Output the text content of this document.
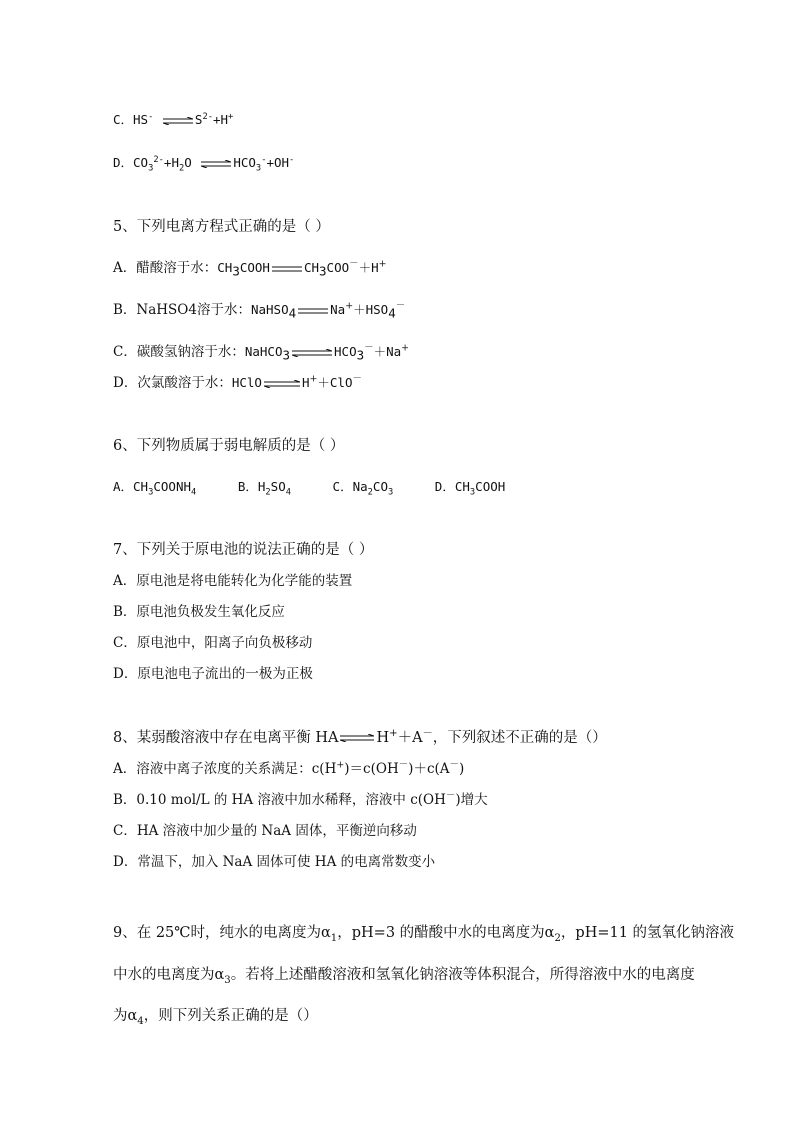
C．HS- ⇌ $S^{2-}+H^+$
D．$CO_3^{2-}+H_2O$ ⇌ $HCO_3^-+OH^-$
5、下列电离方程式正确的是（ ）
A．醋酸溶于水：$CH_3COOH$	$CH_3COO^-+H^+$
B．NaHSO4溶于水：NaHSO$_4$	$Na^++HSO_4^-$
C．碳酸氢钠溶于水：NaHCO$_3$ ⇌ $HCO_3^-+Na^+$
D．次氯酸溶于水：HClO ⇌ H+＋ClO－
6、下列物质属于弱电解质的是（ ）
A．$CH_3COONH_4$	B．$H_2SO_4$	C．$Na_2CO_3$	D．$CH_3COOH$
7、下列关于原电池的说法正确的是（ ）
A．原电池是将电能转化为化学能的装置
B．原电池负极发生氧化反应
C．原电池中，阳离子向负极移动
D．原电池电子流出的一极为正极
8、某弱酸溶液中存在电离平衡 HA ⇌ H+＋A－，下列叙述不正确的是（）
A．溶液中离子浓度的关系满足：c(H+)＝c(OH－)＋c(A－)
B．0.10 mol/L 的 HA 溶液中加水稀释，溶液中 c(OH－)增大
C．HA 溶液中加少量的 NaA 固体，平衡逆向移动
D．常温下，加入 NaA 固体可使 HA 的电离常数变小
9、在 25℃时，纯水的电离度为$\alpha_1$，pH=3 的醋酸中水的电离度为$\alpha_2$，pH=11 的氢氧化钠溶液
中水的电离度为$\alpha_3$。若将上述醋酸溶液和氢氧化钠溶液等体积混合，所得溶液中水的电离度
为$\alpha_4$，则下列关系正确的是（）
